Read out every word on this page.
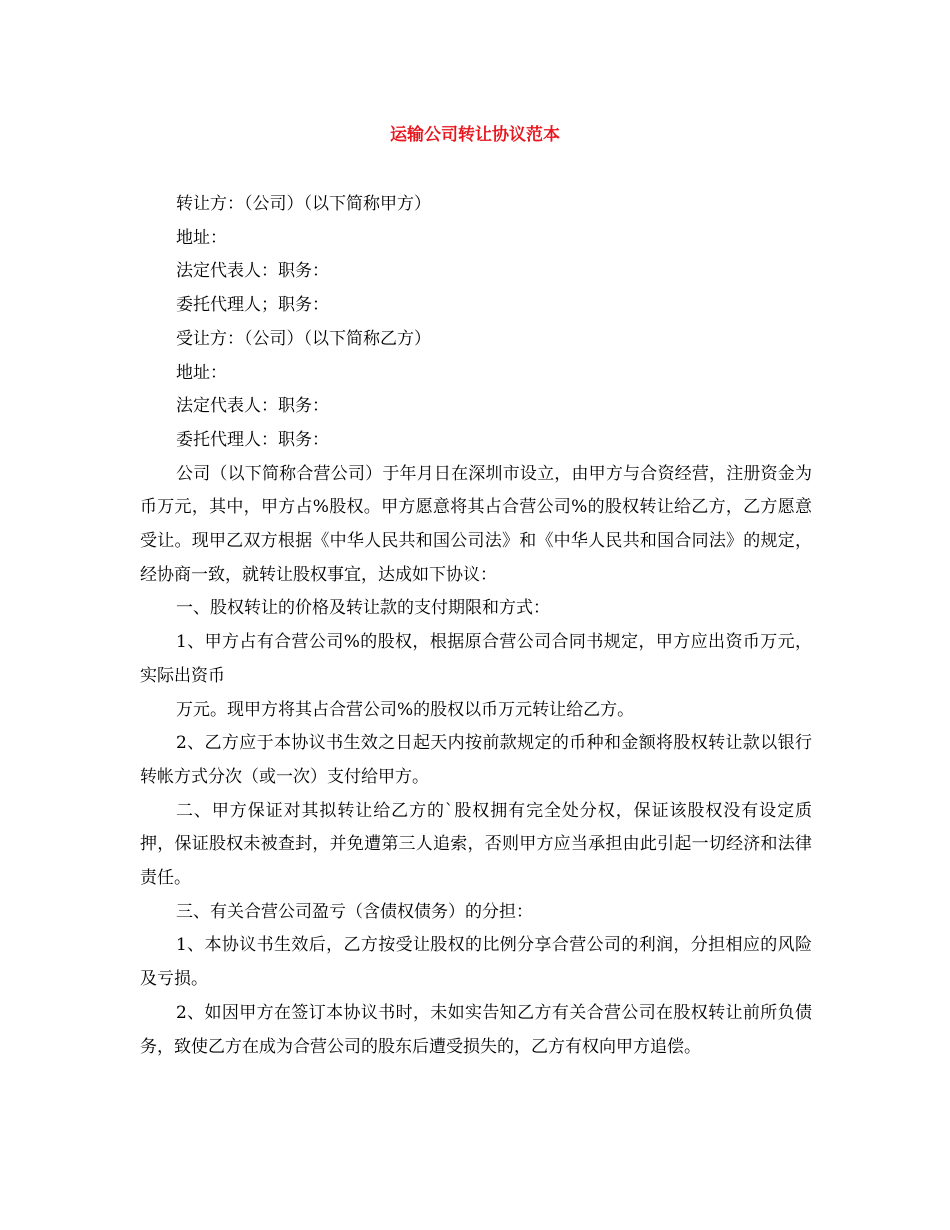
运输公司转让协议范本

转让方：（公司）（以下简称甲方）

地址：

法定代表人：职务：

委托代理人；职务：

受让方：（公司）（以下简称乙方）

地址：

法定代表人：职务：

委托代理人：职务：

公司（以下简称合营公司）于年月日在深圳市设立，由甲方与合资经营，注册资金为币万元，其中，甲方占%股权。甲方愿意将其占合营公司%的股权转让给乙方，乙方愿意受让。现甲乙双方根据《中华人民共和国公司法》和《中华人民共和国合同法》的规定，经协商一致，就转让股权事宜，达成如下协议：

一、股权转让的价格及转让款的支付期限和方式：

1、甲方占有合营公司%的股权，根据原合营公司合同书规定，甲方应出资币万元，实际出资币

万元。现甲方将其占合营公司%的股权以币万元转让给乙方。

2、乙方应于本协议书生效之日起天内按前款规定的币种和金额将股权转让款以银行转帐方式分次（或一次）支付给甲方。

二、甲方保证对其拟转让给乙方的`股权拥有完全处分权，保证该股权没有设定质押，保证股权未被查封，并免遭第三人追索，否则甲方应当承担由此引起一切经济和法律责任。

三、有关合营公司盈亏（含债权债务）的分担：

1、本协议书生效后，乙方按受让股权的比例分享合营公司的利润，分担相应的风险及亏损。

2、如因甲方在签订本协议书时，未如实告知乙方有关合营公司在股权转让前所负债务，致使乙方在成为合营公司的股东后遭受损失的，乙方有权向甲方追偿。
